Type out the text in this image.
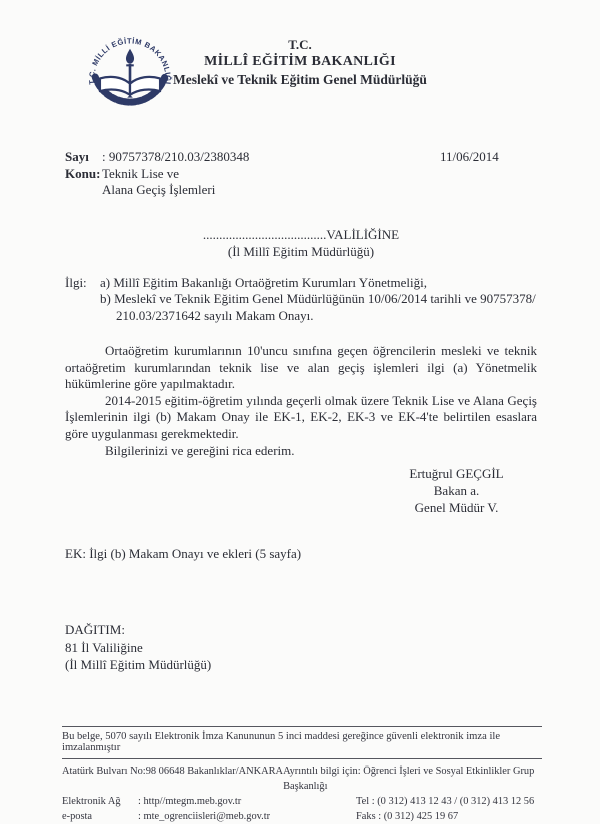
T.C. MİLLİ EĞİTİM BAKANLIĞI
T.C.
MİLLÎ EĞİTİM BAKANLIĞI
Meslekî ve Teknik Eğitim Genel Müdürlüğü
Sayı : 90757378/210.03/2380348
Konu: Teknik Lise ve
Alana Geçiş İşlemleri
11/06/2014
......................................VALİLİĞİNE
(İl Millî Eğitim Müdürlüğü)
İlgi:	a) Millî Eğitim Bakanlığı Ortaöğretim Kurumları Yönetmeliği,
b) Meslekî ve Teknik Eğitim Genel Müdürlüğünün 10/06/2014 tarihli ve 90757378/
210.03/2371642 sayılı Makam Onayı.

Ortaöğretim kurumlarının 10'uncu sınıfına geçen öğrencilerin mesleki ve teknik ortaöğretim kurumlarından teknik lise ve alan geçiş işlemleri ilgi (a) Yönetmelik hükümlerine göre yapılmaktadır.

2014-2015 eğitim-öğretim yılında geçerli olmak üzere Teknik Lise ve Alana Geçiş İşlemlerinin ilgi (b) Makam Onay ile EK-1, EK-2, EK-3 ve EK-4'te belirtilen esaslara göre uygulanması gerekmektedir.

Bilgilerinizi ve gereğini rica ederim.

Ertuğrul GEÇGİL
Bakan a.
Genel Müdür V.
EK: İlgi (b) Makam Onayı ve ekleri (5 sayfa)
DAĞITIM:
81 İl Valiliğine
(İl Millî Eğitim Müdürlüğü)
Bu belge, 5070 sayılı Elektronik İmza Kanununun 5 inci maddesi gereğince güvenli elektronik imza ile imzalanmıştır
Atatürk Bulvarı No:98 06648 Bakanlıklar/ANKARA Ayrıntılı bilgi için: Öğrenci İşleri ve Sosyal Etkinlikler Grup Başkanlığı
Elektronik Ağ : http//mtegm.meb.gov.tr	Tel : (0 312) 413 12 43 / (0 312) 413 12 56
e-posta	: mte_ogrenciisleri@meb.gov.tr	Faks : (0 312) 425 19 67
